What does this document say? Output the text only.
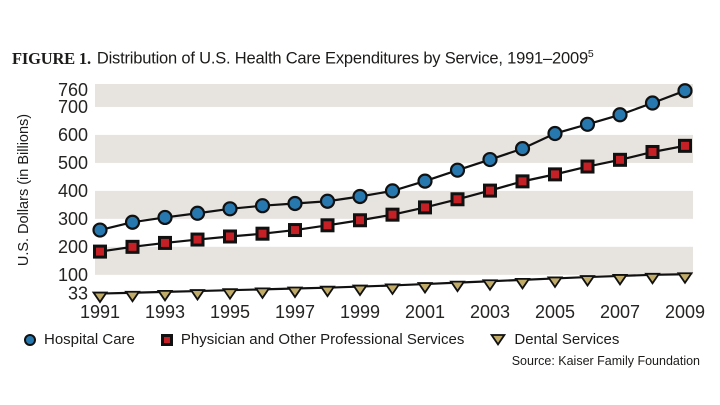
FIGURE 1. Distribution of U.S. Health Care Expenditures by Service, 1991–2009$^5$
U.S. Dollars (in Billions)
33
100
200
300
400
500
600
700
760
1991 1993 1995 1997 1999 2001 2003 2005 2007 2009
Hospital Care	Physician and Other Professional Services	Dental Services
Source: Kaiser Family Foundation
